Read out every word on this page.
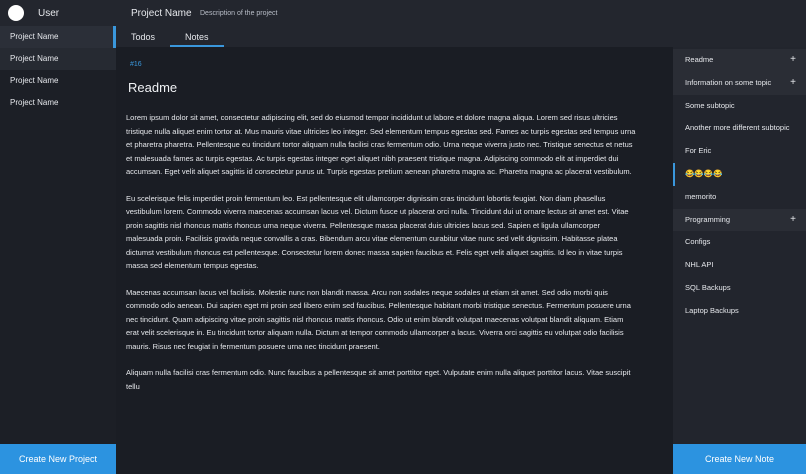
User
Project Name
Project Name
Project Name
Project Name
Create New Project
Project Name Description of the project
Todos	Notes
#16
Readme

Lorem ipsum dolor sit amet, consectetur adipiscing elit, sed do eiusmod tempor incididunt ut labore et dolore magna aliqua. Lorem sed risus ultricies tristique nulla aliquet enim tortor at. Mus mauris vitae ultricies leo integer. Sed elementum tempus egestas sed. Fames ac turpis egestas sed tempus urna et pharetra pharetra. Pellentesque eu tincidunt tortor aliquam nulla facilisi cras fermentum odio. Urna neque viverra justo nec. Tristique senectus et netus et malesuada fames ac turpis egestas. Ac turpis egestas integer eget aliquet nibh praesent tristique magna. Adipiscing commodo elit at imperdiet dui accumsan. Eget velit aliquet sagittis id consectetur purus ut. Turpis egestas pretium aenean pharetra magna ac. Pharetra magna ac placerat vestibulum.

Eu scelerisque felis imperdiet proin fermentum leo. Est pellentesque elit ullamcorper dignissim cras tincidunt lobortis feugiat. Non diam phasellus vestibulum lorem. Commodo viverra maecenas accumsan lacus vel. Dictum fusce ut placerat orci nulla. Tincidunt dui ut ornare lectus sit amet est. Vitae proin sagittis nisl rhoncus mattis rhoncus urna neque viverra. Pellentesque massa placerat duis ultricies lacus sed. Sapien et ligula ullamcorper malesuada proin. Facilisis gravida neque convallis a cras. Bibendum arcu vitae elementum curabitur vitae nunc sed velit dignissim. Habitasse platea dictumst vestibulum rhoncus est pellentesque. Consectetur lorem donec massa sapien faucibus et. Felis eget velit aliquet sagittis. Id leo in vitae turpis massa sed elementum tempus egestas.

Maecenas accumsan lacus vel facilisis. Molestie nunc non blandit massa. Arcu non sodales neque sodales ut etiam sit amet. Sed odio morbi quis commodo odio aenean. Dui sapien eget mi proin sed libero enim sed faucibus. Pellentesque habitant morbi tristique senectus. Fermentum posuere urna nec tincidunt. Quam adipiscing vitae proin sagittis nisl rhoncus mattis rhoncus. Odio ut enim blandit volutpat maecenas volutpat blandit aliquam. Etiam erat velit scelerisque in. Eu tincidunt tortor aliquam nulla. Dictum at tempor commodo ullamcorper a lacus. Viverra orci sagittis eu volutpat odio facilisis mauris. Risus nec feugiat in fermentum posuere urna nec tincidunt praesent.

Aliquam nulla facilisi cras fermentum odio. Nunc faucibus a pellentesque sit amet porttitor eget. Vulputate enim nulla aliquet porttitor lacus. Vitae suscipit tellu

Readme	+
Information on some topic +
Some subtopic
Another more different subtopic
For Eric
😂😂😂😂
memorito
Programming	+
Configs
NHL API
SQL Backups
Laptop Backups
Create New Note
